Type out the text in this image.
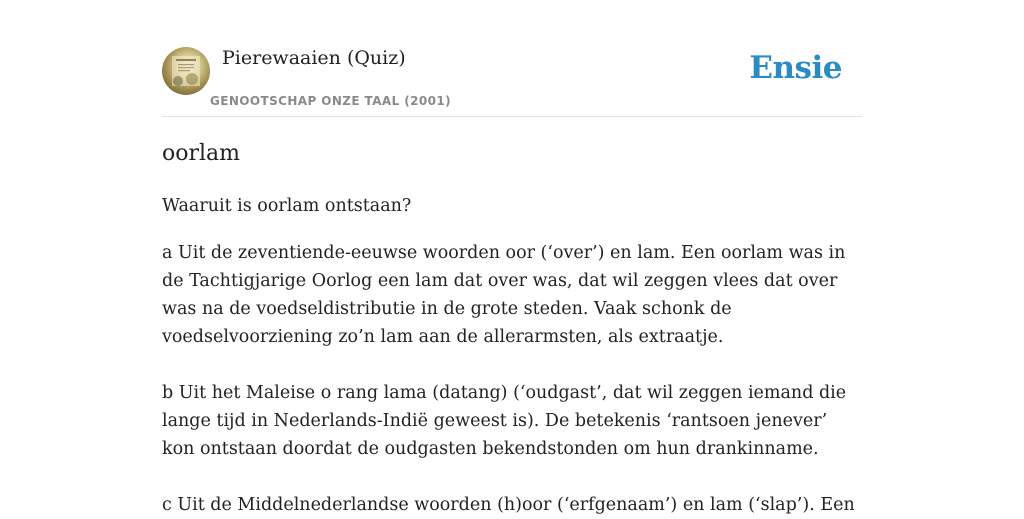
Pierewaaien (Quiz)
GENOOTSCHAP ONZE TAAL (2001)
Ensie
oorlam
Waaruit is oorlam ontstaan?

a Uit de zeventiende-eeuwse woorden oor (‘over’) en lam. Een oorlam was in de Tachtigjarige Oorlog een lam dat over was, dat wil zeggen vlees dat over was na de voedseldistributie in de grote steden. Vaak schonk de voedselvoorziening zo’n lam aan de allerarmsten, als extraatje.

b Uit het Maleise o rang lama (datang) (‘oudgast’, dat wil zeggen iemand die lange tijd in Nederlands-Indië geweest is). De betekenis ‘rantsoen jenever’ kon ontstaan doordat de oudgasten bekendstonden om hun drankinname.

c Uit de Middelnederlandse woorden (h)oor (‘erfgenaam’) en lam (‘slap’). Een
